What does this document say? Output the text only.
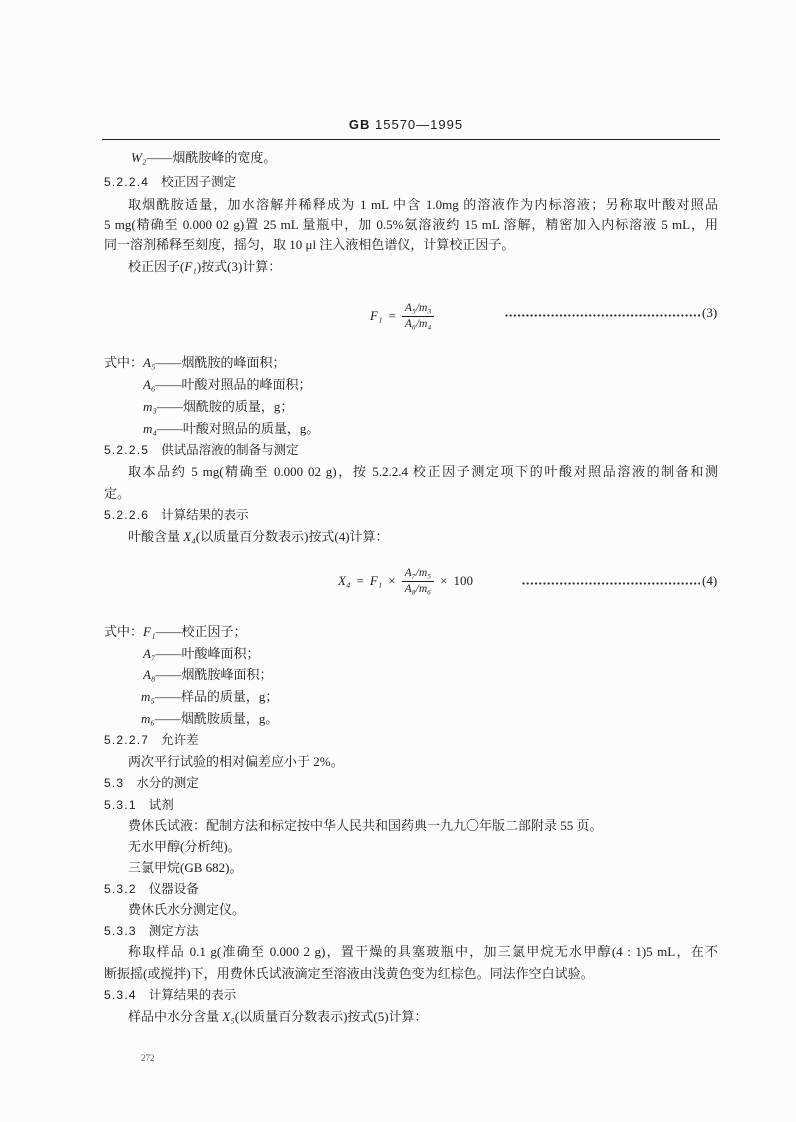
GB 15570—1995
W₂——烟酰胺峰的宽度。
5.2.2.4 校正因子测定
取烟酰胺适量，加水溶解并稀释成为 1 mL 中含 1.0mg 的溶液作为内标溶液；另称取叶酸对照品
5 mg(精确至 0.000 02 g)置 25 mL 量瓶中，加 0.5%氨溶液约 15 mL 溶解，精密加入内标溶液 5 mL，用
同一溶剂稀释至刻度，摇匀，取 10 μl 注入液相色谱仪，计算校正因子。
校正因子(F₁)按式(3)计算：
$F_1 = \frac{\text{A₅/m₃}}{\text{A₆/m₄}}$	(3)
式中：A₅——烟酰胺的峰面积；
A₆——叶酸对照品的峰面积；
m₃——烟酰胺的质量，g；
m₄——叶酸对照品的质量，g。
5.2.2.5 供试品溶液的制备与测定
取本品约 5 mg(精确至 0.000 02 g)，按 5.2.2.4 校正因子测定项下的叶酸对照品溶液的制备和测
定。
5.2.2.6 计算结果的表示
叶酸含量 X₄(以质量百分数表示)按式(4)计算：
$X_4 = F_1 \times \frac{\text{A₇/m₅}}{\text{A₈/m₆}} \times 100$	(4)
式中：F₁——校正因子；
A₇——叶酸峰面积；
A₈——烟酰胺峰面积；
m₅——样品的质量，g；
m₆——烟酰胺质量，g。
5.2.2.7 允许差
两次平行试验的相对偏差应小于 2%。
5.3 水分的测定
5.3.1 试剂
费休氏试液：配制方法和标定按中华人民共和国药典一九九〇年版二部附录 55 页。
无水甲醇(分析纯)。
三氯甲烷(GB 682)。
5.3.2 仪器设备
费休氏水分测定仪。
5.3.3 测定方法
称取样品 0.1 g(准确至 0.000 2 g)，置干燥的具塞玻瓶中，加三氯甲烷无水甲醇(4 : 1)5 mL，在不
断振摇(或搅拌)下，用费休氏试液滴定至溶液由浅黄色变为红棕色。同法作空白试验。
5.3.4 计算结果的表示
样品中水分含量 X₅(以质量百分数表示)按式(5)计算：
272
